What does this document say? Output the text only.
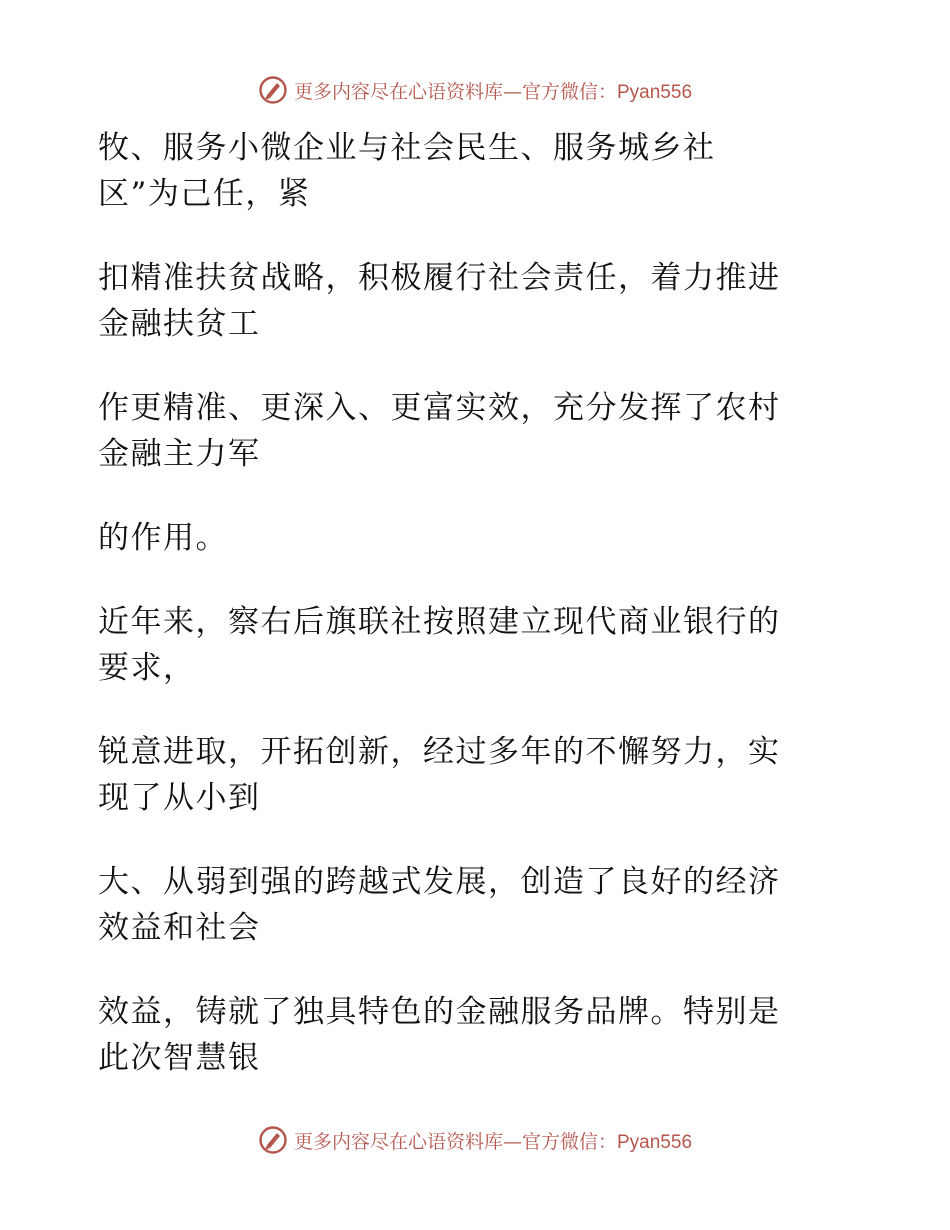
更多内容尽在心语资料库—官方微信：Pyan556
牧、服务小微企业与社会民生、服务城乡社
区”为己任，紧
扣精准扶贫战略，积极履行社会责任，着力推进
金融扶贫工
作更精准、更深入、更富实效，充分发挥了农村
金融主力军
的作用。
近年来，察右后旗联社按照建立现代商业银行的
要求，
锐意进取，开拓创新，经过多年的不懈努力，实
现了从小到
大、从弱到强的跨越式发展，创造了良好的经济
效益和社会
效益，铸就了独具特色的金融服务品牌。特别是
此次智慧银
更多内容尽在心语资料库—官方微信：Pyan556
